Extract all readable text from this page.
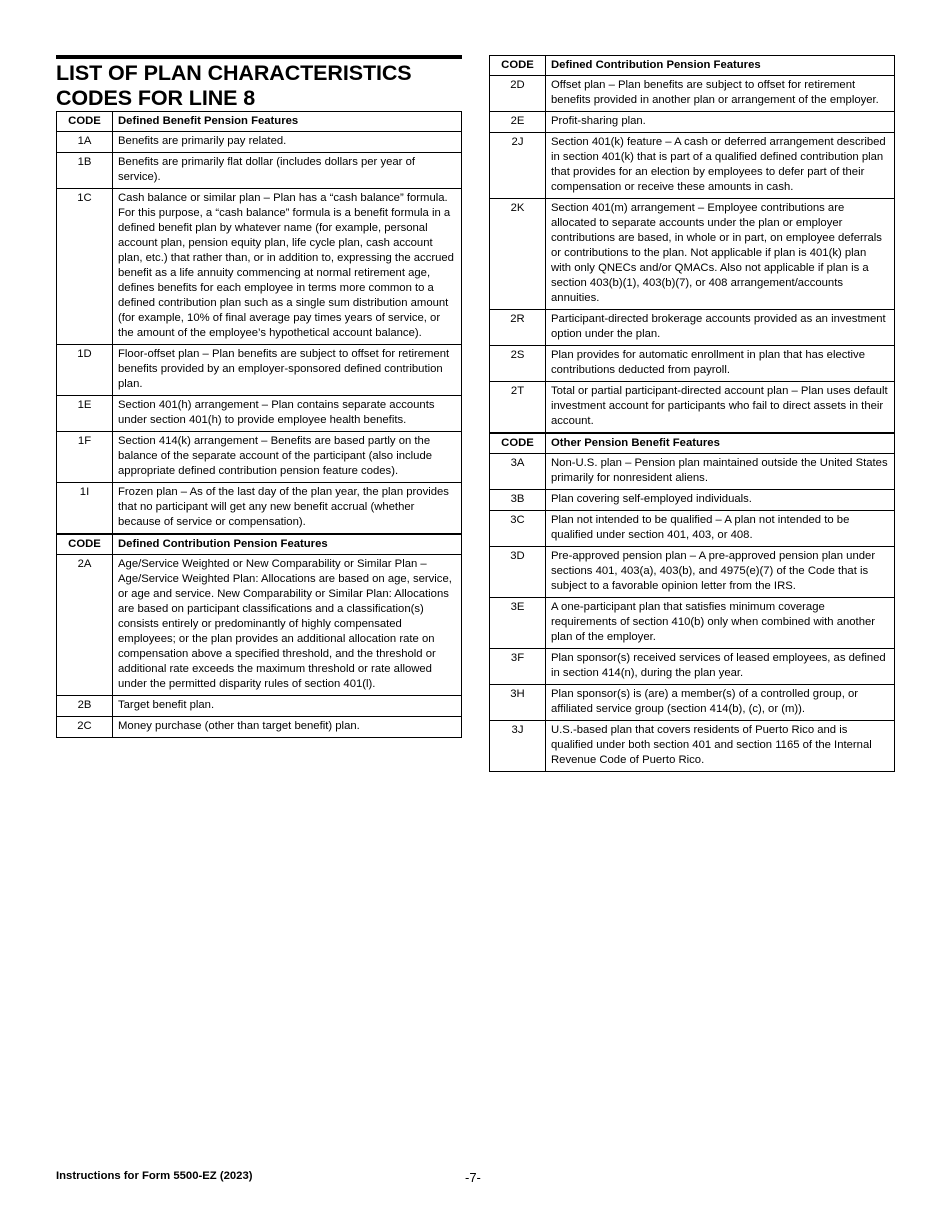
LIST OF PLAN CHARACTERISTICS CODES FOR LINE 8
CODE	Defined Benefit Pension Features
1A	Benefits are primarily pay related.
1B	Benefits are primarily flat dollar (includes dollars per year of service).
1C	Cash balance or similar plan – Plan has a “cash balance” formula. For this purpose, a “cash balance” formula is a benefit formula in a defined benefit plan by whatever name (for example, personal account plan, pension equity plan, life cycle plan, cash account plan, etc.) that rather than, or in addition to, expressing the accrued benefit as a life annuity commencing at normal retirement age, defines benefits for each employee in terms more common to a defined contribution plan such as a single sum distribution amount (for example, 10% of final average pay times years of service, or the amount of the employee’s hypothetical account balance).
1D	Floor-offset plan – Plan benefits are subject to offset for retirement benefits provided by an employer-sponsored defined contribution plan.
1E	Section 401(h) arrangement – Plan contains separate accounts under section 401(h) to provide employee health benefits.
1F	Section 414(k) arrangement – Benefits are based partly on the balance of the separate account of the participant (also include appropriate defined contribution pension feature codes).
1I	Frozen plan – As of the last day of the plan year, the plan provides that no participant will get any new benefit accrual (whether because of service or compensation).
CODE	Defined Contribution Pension Features
2A	Age/Service Weighted or New Comparability or Similar Plan – Age/Service Weighted Plan: Allocations are based on age, service, or age and service. New Comparability or Similar Plan: Allocations are based on participant classifications and a classification(s) consists entirely or predominantly of highly compensated employees; or the plan provides an additional allocation rate on compensation above a specified threshold, and the threshold or additional rate exceeds the maximum threshold or rate allowed under the permitted disparity rules of section 401(l).
2B	Target benefit plan.
2C	Money purchase (other than target benefit) plan.
CODE	Defined Contribution Pension Features
2D	Offset plan – Plan benefits are subject to offset for retirement benefits provided in another plan or arrangement of the employer.
2E	Profit-sharing plan.
2J	Section 401(k) feature – A cash or deferred arrangement described in section 401(k) that is part of a qualified defined contribution plan that provides for an election by employees to defer part of their compensation or receive these amounts in cash.
2K	Section 401(m) arrangement – Employee contributions are allocated to separate accounts under the plan or employer contributions are based, in whole or in part, on employee deferrals or contributions to the plan. Not applicable if plan is 401(k) plan with only QNECs and/or QMACs. Also not applicable if plan is a section 403(b)(1), 403(b)(7), or 408 arrangement/accounts annuities.
2R	Participant-directed brokerage accounts provided as an investment option under the plan.
2S	Plan provides for automatic enrollment in plan that has elective contributions deducted from payroll.
2T	Total or partial participant-directed account plan – Plan uses default investment account for participants who fail to direct assets in their account.
CODE	Other Pension Benefit Features
3A	Non-U.S. plan – Pension plan maintained outside the United States primarily for nonresident aliens.
3B	Plan covering self-employed individuals.
3C	Plan not intended to be qualified – A plan not intended to be qualified under section 401, 403, or 408.
3D	Pre-approved pension plan – A pre-approved pension plan under sections 401, 403(a), 403(b), and 4975(e)(7) of the Code that is subject to a favorable opinion letter from the IRS.
3E	A one-participant plan that satisfies minimum coverage requirements of section 410(b) only when combined with another plan of the employer.
3F	Plan sponsor(s) received services of leased employees, as defined in section 414(n), during the plan year.
3H	Plan sponsor(s) is (are) a member(s) of a controlled group, or affiliated service group (section 414(b), (c), or (m)).
3J	U.S.-based plan that covers residents of Puerto Rico and is qualified under both section 401 and section 1165 of the Internal Revenue Code of Puerto Rico.
Instructions for Form 5500-EZ (2023)	-7-
